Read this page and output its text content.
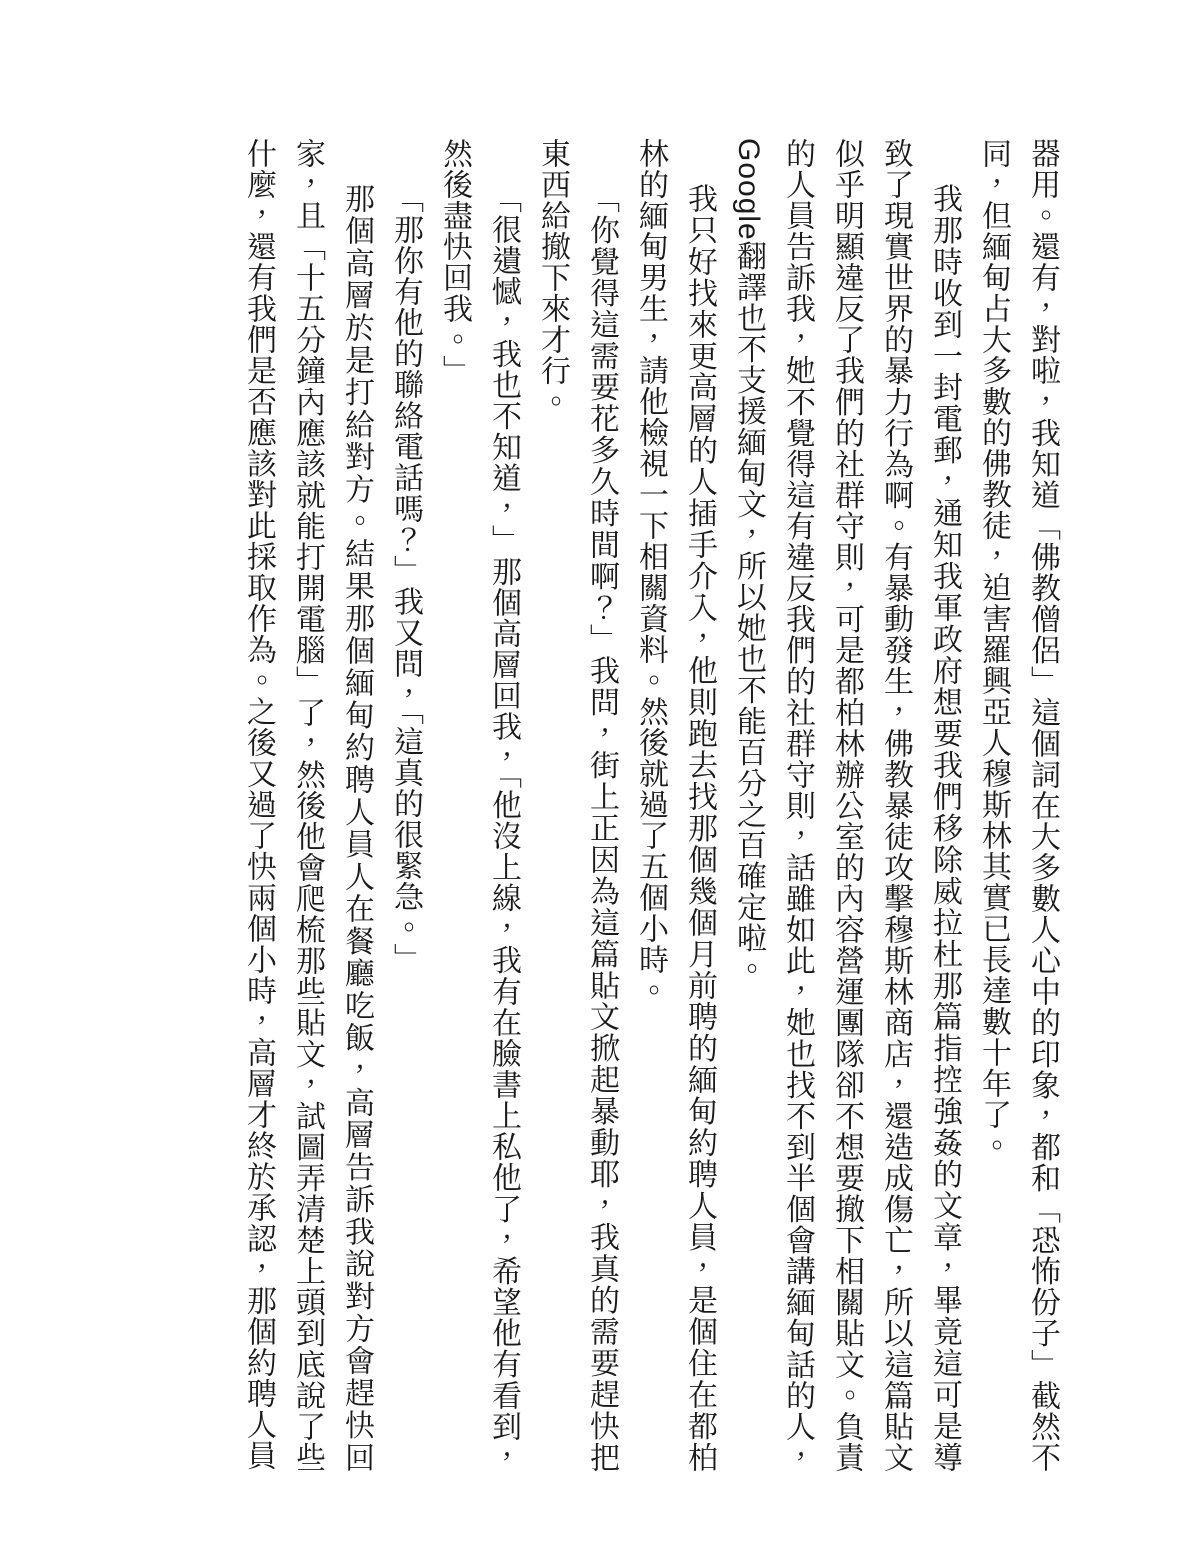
器用。還有，對啦，我知道「佛教僧侶」這個詞在大多數人心中的印象，都和「恐怖份子」截然不同，但緬甸占大多數的佛教徒，迫害羅興亞人穆斯林其實已長達數十年了。

我那時收到一封電郵，通知我軍政府想要我們移除威拉杜那篇指控強姦的文章，畢竟這可是導致了現實世界的暴力行為啊。有暴動發生，佛教暴徒攻擊穆斯林商店，還造成傷亡，所以這篇貼文似乎明顯違反了我們的社群守則，可是都柏林辦公室的內容營運團隊卻不想要撤下相關貼文。負責的人員告訴我，她不覺得這有違反我們的社群守則，話雖如此，她也找不到半個會講緬甸話的人，Google翻譯也不支援緬甸文，所以她也不能百分之百確定啦。

我只好找來更高層的人插手介入，他則跑去找那個幾個月前聘的緬甸約聘人員，是個住在都柏林的緬甸男生，請他檢視一下相關資料。然後就過了五個小時。

「你覺得這需要花多久時間啊？」我問，街上正因為這篇貼文掀起暴動耶，我真的需要趕快把東西給撤下來才行。

「很遺憾，我也不知道，」那個高層回我，「他沒上線，我有在臉書上私他了，希望他有看到，然後盡快回我。」

「那你有他的聯絡電話嗎？」我又問，「這真的很緊急。」

那個高層於是打給對方。結果那個緬甸約聘人員人在餐廳吃飯，高層告訴我說對方會趕快回家，且「十五分鐘內應該就能打開電腦」了，然後他會爬梳那些貼文，試圖弄清楚上頭到底說了些什麼，還有我們是否應該對此採取作為。之後又過了快兩個小時，高層才終於承認，那個約聘人員
